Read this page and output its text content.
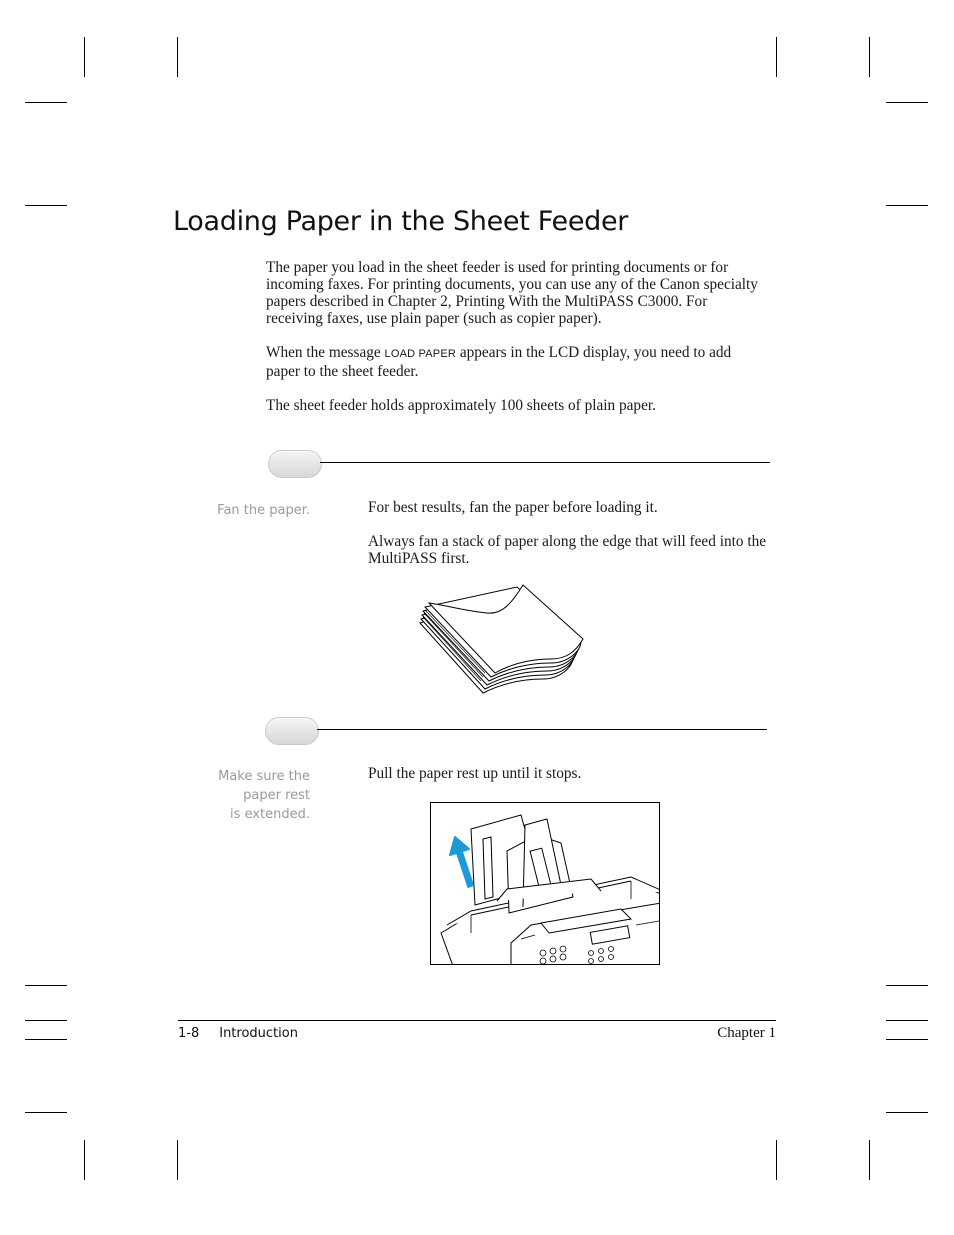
Loading Paper in the Sheet Feeder

The paper you load in the sheet feeder is used for printing documents or for incoming faxes. For printing documents, you can use any of the Canon specialty papers described in Chapter 2, Printing With the MultiPASS C3000. For receiving faxes, use plain paper (such as copier paper).

When the message LOAD PAPER appears in the LCD display, you need to add paper to the sheet feeder.

The sheet feeder holds approximately 100 sheets of plain paper.

Fan the paper.	For best results, fan the paper before loading it.

Always fan a stack of paper along the edge that will feed into the MultiPASS first.

Make sure the
paper rest
is extended.

Pull the paper rest up until it stops.

1-8 Introduction	Chapter 1
